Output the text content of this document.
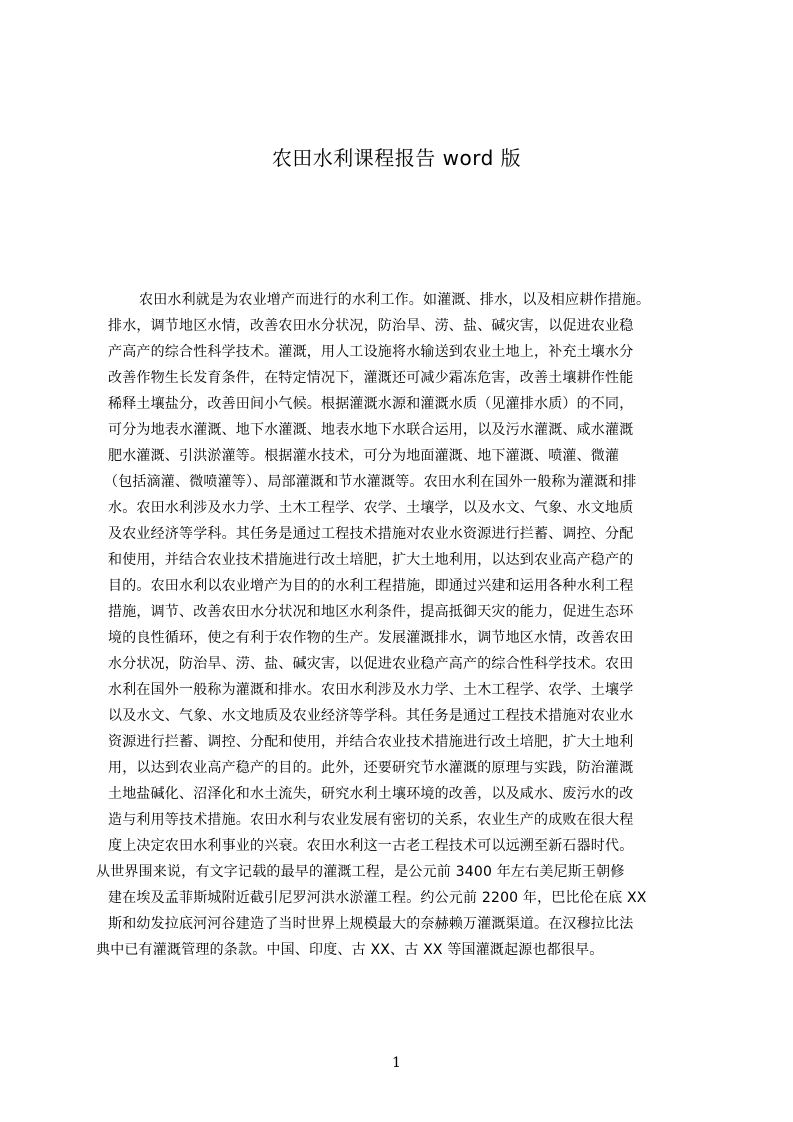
农田水利课程报告 word 版
农田水利就是为农业增产而进行的水利工作。如灌溉、排水，以及相应耕作措施。
排水，调节地区水情，改善农田水分状况，防治旱、涝、盐、碱灾害，以促进农业稳
产高产的综合性科学技术。灌溉，用人工设施将水输送到农业土地上，补充土壤水分
改善作物生长发育条件，在特定情况下，灌溉还可减少霜冻危害，改善土壤耕作性能
稀释土壤盐分，改善田间小气候。根据灌溉水源和灌溉水质（见灌排水质）的不同，
可分为地表水灌溉、地下水灌溉、地表水地下水联合运用，以及污水灌溉、咸水灌溉
肥水灌溉、引洪淤灌等。根据灌水技术，可分为地面灌溉、地下灌溉、喷灌、微灌
（包括滴灌、微喷灌等）、局部灌溉和节水灌溉等。农田水利在国外一般称为灌溉和排
水。农田水利涉及水力学、土木工程学、农学、土壤学，以及水文、气象、水文地质
及农业经济等学科。其任务是通过工程技术措施对农业水资源进行拦蓄、调控、分配
和使用，并结合农业技术措施进行改土培肥，扩大土地利用，以达到农业高产稳产的
目的。农田水利以农业增产为目的的水利工程措施，即通过兴建和运用各种水利工程
措施，调节、改善农田水分状况和地区水利条件，提高抵御天灾的能力，促进生态环
境的良性循环，使之有利于农作物的生产。发展灌溉排水，调节地区水情，改善农田
水分状况，防治旱、涝、盐、碱灾害，以促进农业稳产高产的综合性科学技术。农田
水利在国外一般称为灌溉和排水。农田水利涉及水力学、土木工程学、农学、土壤学
以及水文、气象、水文地质及农业经济等学科。其任务是通过工程技术措施对农业水
资源进行拦蓄、调控、分配和使用，并结合农业技术措施进行改土培肥，扩大土地利
用，以达到农业高产稳产的目的。此外，还要研究节水灌溉的原理与实践，防治灌溉
土地盐碱化、沼泽化和水土流失，研究水利土壤环境的改善，以及咸水、废污水的改
造与利用等技术措施。农田水利与农业发展有密切的关系，农业生产的成败在很大程
度上决定农田水利事业的兴衰。农田水利这一古老工程技术可以远溯至新石器时代。
从世界围来说，有文字记载的最早的灌溉工程，是公元前 3400 年左右美尼斯王朝修
建在埃及孟菲斯城附近截引尼罗河洪水淤灌工程。约公元前 2200 年，巴比伦在底 XX
斯和幼发拉底河河谷建造了当时世界上规模最大的奈赫赖万灌溉渠道。在汉穆拉比法
典中已有灌溉管理的条款。中国、印度、古 XX、古 XX 等国灌溉起源也都很早。
1
